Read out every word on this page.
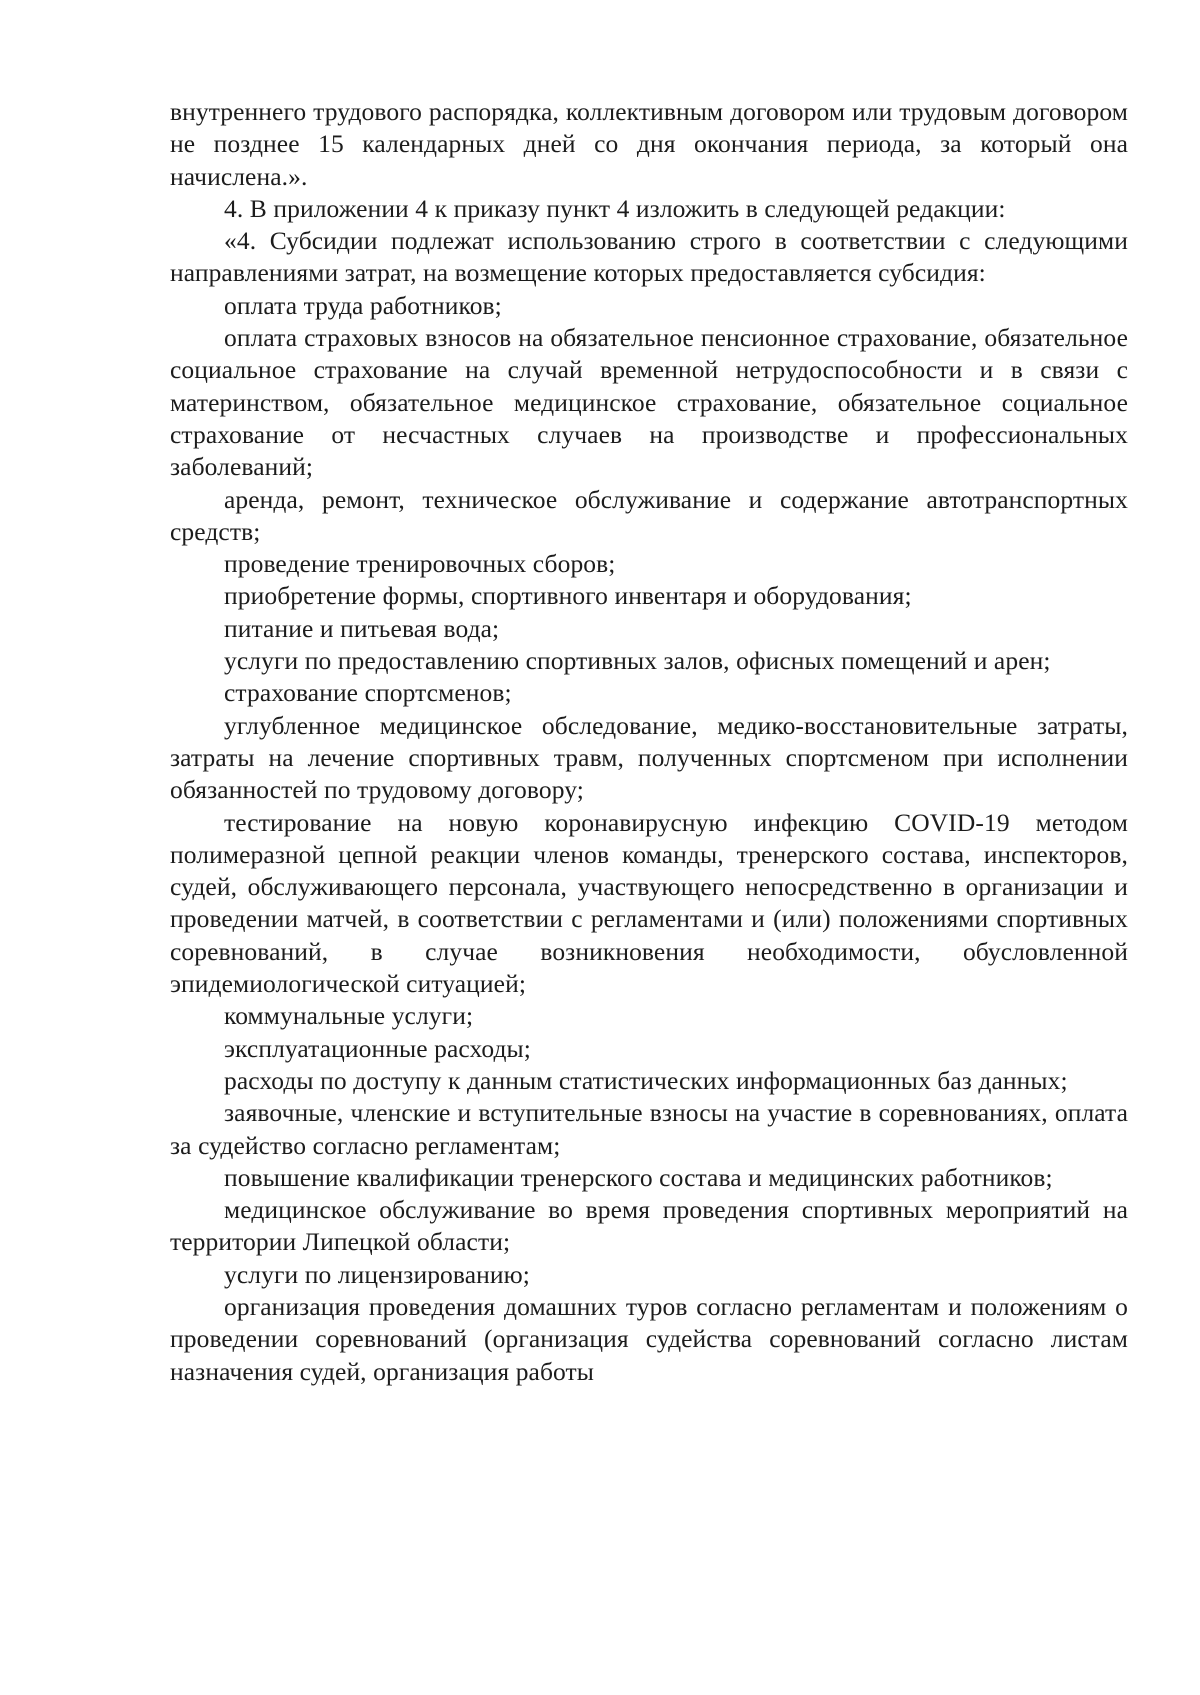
внутреннего трудового распорядка, коллективным договором или трудовым договором не позднее 15 календарных дней со дня окончания периода, за который она начислена.».

4. В приложении 4 к приказу пункт 4 изложить в следующей редакции:

«4. Субсидии подлежат использованию строго в соответствии с следующими направлениями затрат, на возмещение которых предоставляется субсидия:

оплата труда работников;

оплата страховых взносов на обязательное пенсионное страхование, обязательное социальное страхование на случай временной нетрудоспособности и в связи с материнством, обязательное медицинское страхование, обязательное социальное страхование от несчастных случаев на производстве и профессиональных заболеваний;

аренда, ремонт, техническое обслуживание и содержание автотранспортных средств;

проведение тренировочных сборов;

приобретение формы, спортивного инвентаря и оборудования;

питание и питьевая вода;

услуги по предоставлению спортивных залов, офисных помещений и арен;

страхование спортсменов;

углубленное медицинское обследование, медико-восстановительные затраты, затраты на лечение спортивных травм, полученных спортсменом при исполнении обязанностей по трудовому договору;

тестирование на новую коронавирусную инфекцию COVID-19 методом полимеразной цепной реакции членов команды, тренерского состава, инспекторов, судей, обслуживающего персонала, участвующего непосредственно в организации и проведении матчей, в соответствии с регламентами и (или) положениями спортивных соревнований, в случае возникновения необходимости, обусловленной эпидемиологической ситуацией;

коммунальные услуги;

эксплуатационные расходы;

расходы по доступу к данным статистических информационных баз данных;

заявочные, членские и вступительные взносы на участие в соревнованиях, оплата за судейство согласно регламентам;

повышение квалификации тренерского состава и медицинских работников;

медицинское обслуживание во время проведения спортивных мероприятий на территории Липецкой области;

услуги по лицензированию;

организация проведения домашних туров согласно регламентам и положениям о проведении соревнований (организация судейства соревнований согласно листам назначения судей, организация работы
